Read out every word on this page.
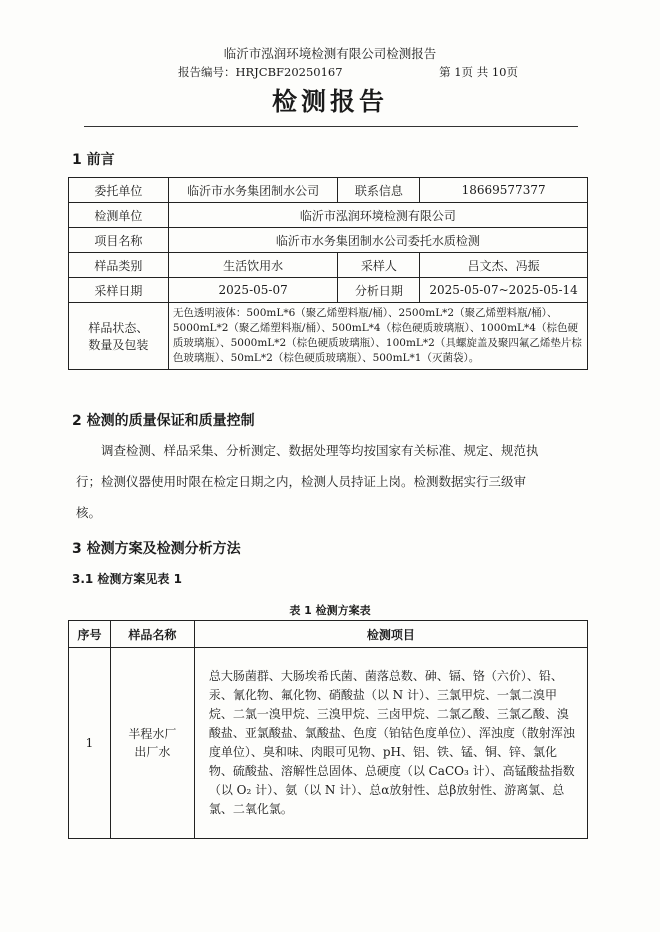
临沂市泓润环境检测有限公司检测报告
报告编号：HRJCBF20250167	第 1页 共 10页
检测报告
1 前言
委托单位	临沂市水务集团制水公司	联系信息	18669577377
检测单位	临沂市泓润环境检测有限公司		
项目名称	临沂市水务集团制水公司委托水质检测		
样品类别	生活饮用水	采样人	吕文杰、冯振
采样日期	2025-05-07	分析日期	2025-05-07~2025-05-14
样品状态、数量及包装	无色透明液体：500mL*6（聚乙烯塑料瓶/桶）、2500mL*2（聚乙烯塑料瓶/桶）、5000mL*2（聚乙烯塑料瓶/桶）、500mL*4（棕色硬质玻璃瓶）、1000mL*4（棕色硬质玻璃瓶）、5000mL*2（棕色硬质玻璃瓶）、100mL*2（具螺旋盖及聚四氟乙烯垫片棕色玻璃瓶）、50mL*2（棕色硬质玻璃瓶）、500mL*1（灭菌袋）。		
2 检测的质量保证和质量控制
调查检测、样品采集、分析测定、数据处理等均按国家有关标准、规定、规范执
行；检测仪器使用时限在检定日期之内，检测人员持证上岗。检测数据实行三级审
核。
3 检测方案及检测分析方法
3.1 检测方案见表 1
表 1 检测方案表
序号	样品名称	检测项目
1	半程水厂出厂水	总大肠菌群、大肠埃希氏菌、菌落总数、砷、镉、铬（六价）、铅、汞、氰化物、氟化物、硝酸盐（以 N 计）、三氯甲烷、一氯二溴甲烷、二氯一溴甲烷、三溴甲烷、三卤甲烷、二氯乙酸、三氯乙酸、溴酸盐、亚氯酸盐、氯酸盐、色度（铂钴色度单位）、浑浊度（散射浑浊度单位）、臭和味、肉眼可见物、pH、铝、铁、锰、铜、锌、氯化物、硫酸盐、溶解性总固体、总硬度（以 CaCO₃ 计）、高锰酸盐指数（以 O₂ 计）、氨（以 N 计）、总α放射性、总β放射性、游离氯、总氯、二氧化氯。
